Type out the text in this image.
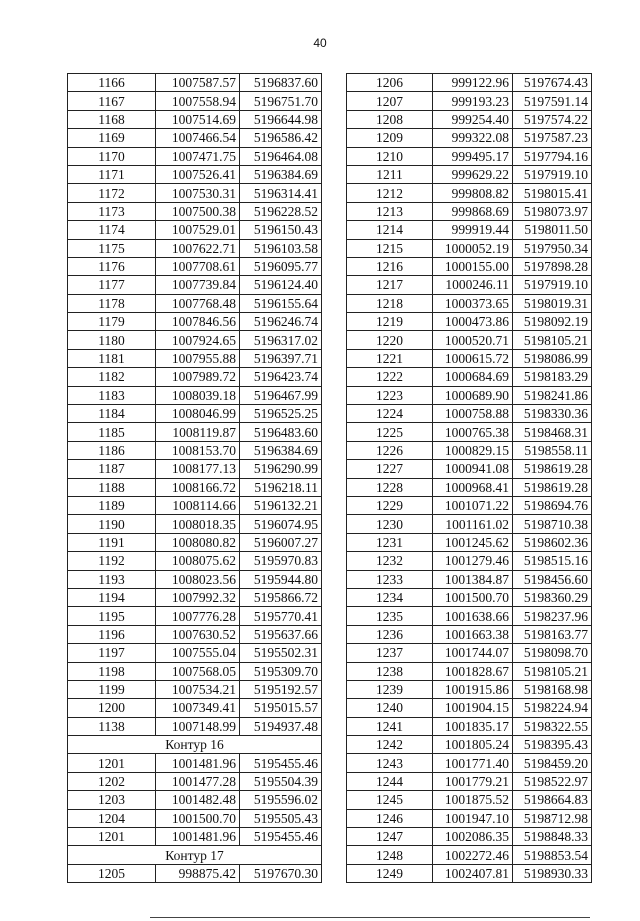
40
1166	1007587.57	5196837.60
1167	1007558.94	5196751.70
1168	1007514.69	5196644.98
1169	1007466.54	5196586.42
1170	1007471.75	5196464.08
1171	1007526.41	5196384.69
1172	1007530.31	5196314.41
1173	1007500.38	5196228.52
1174	1007529.01	5196150.43
1175	1007622.71	5196103.58
1176	1007708.61	5196095.77
1177	1007739.84	5196124.40
1178	1007768.48	5196155.64
1179	1007846.56	5196246.74
1180	1007924.65	5196317.02
1181	1007955.88	5196397.71
1182	1007989.72	5196423.74
1183	1008039.18	5196467.99
1184	1008046.99	5196525.25
1185	1008119.87	5196483.60
1186	1008153.70	5196384.69
1187	1008177.13	5196290.99
1188	1008166.72	5196218.11
1189	1008114.66	5196132.21
1190	1008018.35	5196074.95
1191	1008080.82	5196007.27
1192	1008075.62	5195970.83
1193	1008023.56	5195944.80
1194	1007992.32	5195866.72
1195	1007776.28	5195770.41
1196	1007630.52	5195637.66
1197	1007555.04	5195502.31
1198	1007568.05	5195309.70
1199	1007534.21	5195192.57
1200	1007349.41	5195015.57
1138	1007148.99	5194937.48
Контур 16		
1201	1001481.96	5195455.46
1202	1001477.28	5195504.39
1203	1001482.48	5195596.02
1204	1001500.70	5195505.43
1201	1001481.96	5195455.46
Контур 17		
1205	998875.42	5197670.30
1206	999122.96	5197674.43
1207	999193.23	5197591.14
1208	999254.40	5197574.22
1209	999322.08	5197587.23
1210	999495.17	5197794.16
1211	999629.22	5197919.10
1212	999808.82	5198015.41
1213	999868.69	5198073.97
1214	999919.44	5198011.50
1215	1000052.19	5197950.34
1216	1000155.00	5197898.28
1217	1000246.11	5197919.10
1218	1000373.65	5198019.31
1219	1000473.86	5198092.19
1220	1000520.71	5198105.21
1221	1000615.72	5198086.99
1222	1000684.69	5198183.29
1223	1000689.90	5198241.86
1224	1000758.88	5198330.36
1225	1000765.38	5198468.31
1226	1000829.15	5198558.11
1227	1000941.08	5198619.28
1228	1000968.41	5198619.28
1229	1001071.22	5198694.76
1230	1001161.02	5198710.38
1231	1001245.62	5198602.36
1232	1001279.46	5198515.16
1233	1001384.87	5198456.60
1234	1001500.70	5198360.29
1235	1001638.66	5198237.96
1236	1001663.38	5198163.77
1237	1001744.07	5198098.70
1238	1001828.67	5198105.21
1239	1001915.86	5198168.98
1240	1001904.15	5198224.94
1241	1001835.17	5198322.55
1242	1001805.24	5198395.43
1243	1001771.40	5198459.20
1244	1001779.21	5198522.97
1245	1001875.52	5198664.83
1246	1001947.10	5198712.98
1247	1002086.35	5198848.33
1248	1002272.46	5198853.54
1249	1002407.81	5198930.33
